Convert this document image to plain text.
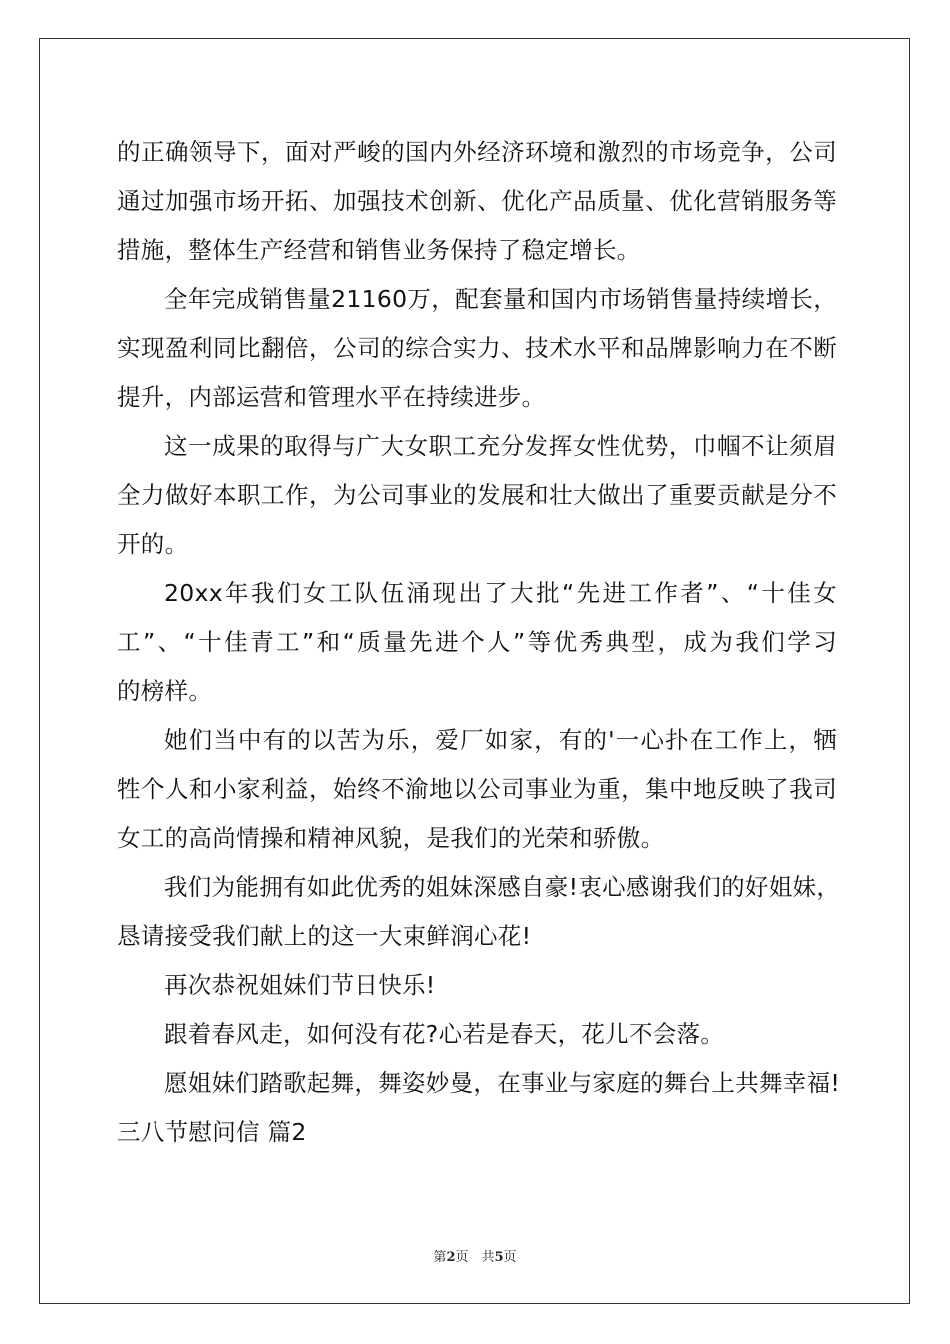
的正确领导下，面对严峻的国内外经济环境和激烈的市场竞争，公司
通过加强市场开拓、加强技术创新、优化产品质量、优化营销服务等
措施，整体生产经营和销售业务保持了稳定增长。
全年完成销售量21160万，配套量和国内市场销售量持续增长，
实现盈利同比翻倍，公司的综合实力、技术水平和品牌影响力在不断
提升，内部运营和管理水平在持续进步。
这一成果的取得与广大女职工充分发挥女性优势，巾帼不让须眉
全力做好本职工作，为公司事业的发展和壮大做出了重要贡献是分不
开的。
20xx年我们女工队伍涌现出了大批“先进工作者”、“十佳女
工”、“十佳青工”和“质量先进个人”等优秀典型，成为我们学习
的榜样。
她们当中有的以苦为乐，爱厂如家，有的'一心扑在工作上，牺
牲个人和小家利益，始终不渝地以公司事业为重，集中地反映了我司
女工的高尚情操和精神风貌，是我们的光荣和骄傲。
我们为能拥有如此优秀的姐妹深感自豪!衷心感谢我们的好姐妹，
恳请接受我们献上的这一大束鲜润心花!
再次恭祝姐妹们节日快乐!
跟着春风走，如何没有花?心若是春天，花儿不会落。
愿姐妹们踏歌起舞，舞姿妙曼，在事业与家庭的舞台上共舞幸福!
三八节慰问信 篇2
第2页　共5页
